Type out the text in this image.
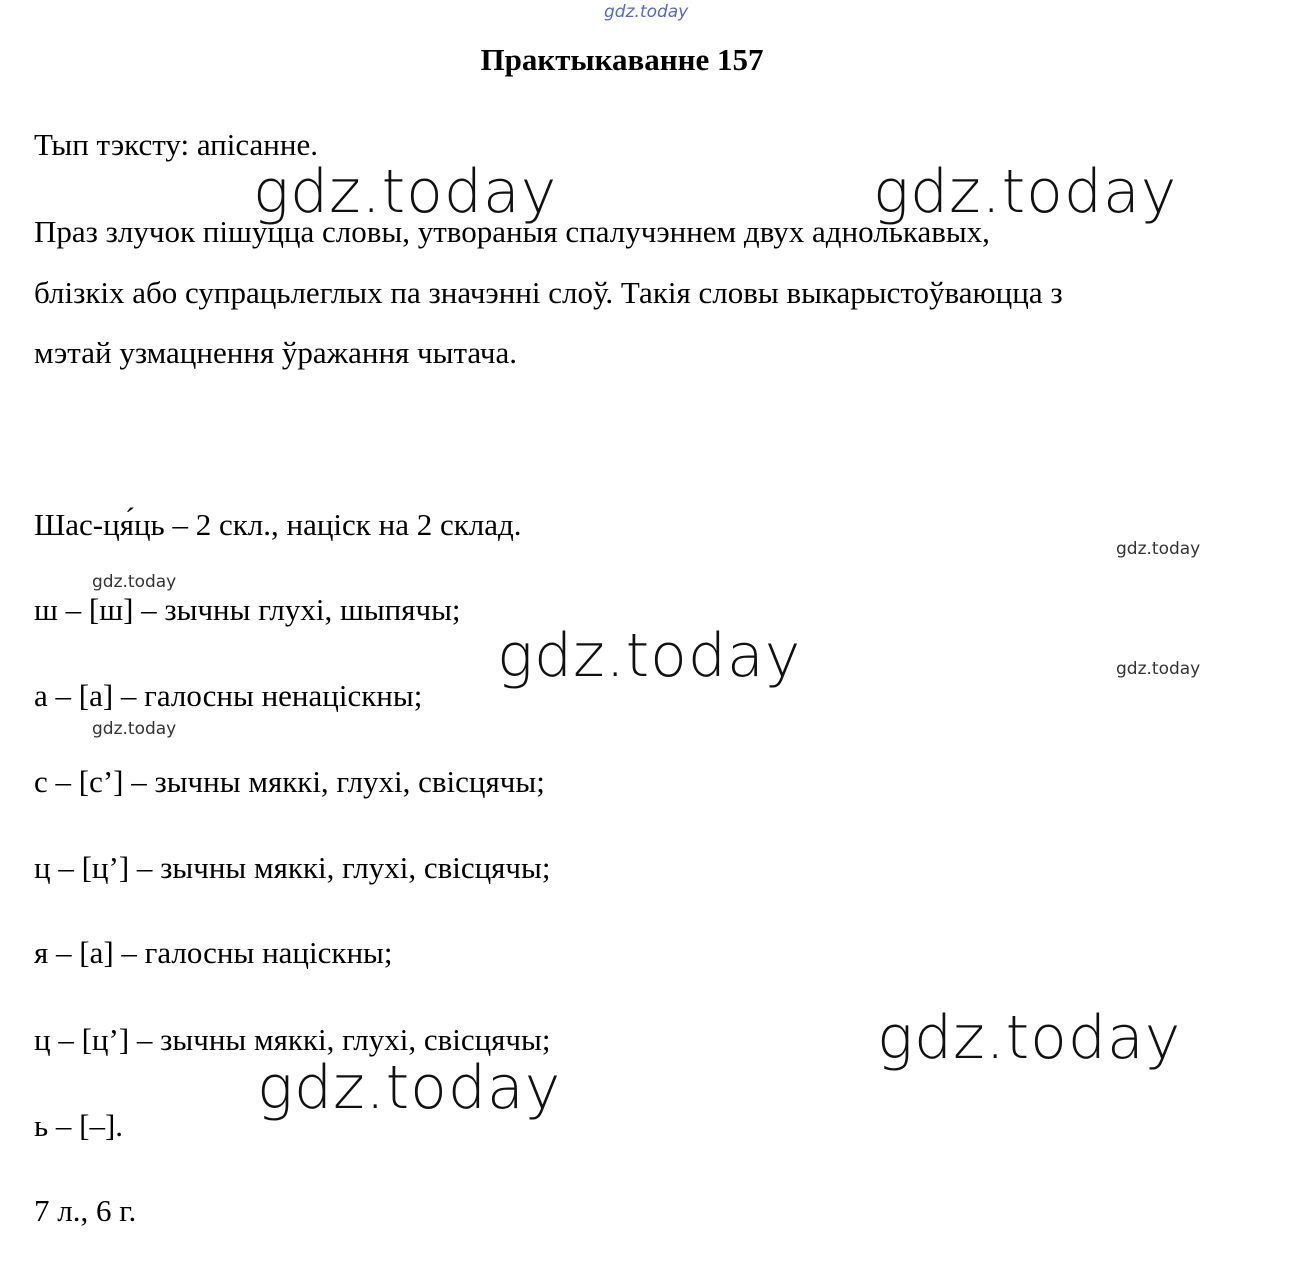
gdz.today
Практыкаванне 157
Тып тэксту: апісанне.
Праз злучок пішуцца словы, утвораныя спалучэннем двух аднолькавых,
блізкіх або супрацьлеглых па значэнні слоў. Такія словы выкарыстоўваюцца з
мэтай узмацнення ўражання чытача.
Шас-ця́ць – 2 скл., націск на 2 склад.
ш – [ш] – зычны глухі, шыпячы;
а – [а] – галосны ненаціскны;
с – [с’] – зычны мяккі, глухі, свісцячы;
ц – [ц’] – зычны мяккі, глухі, свісцячы;
я – [а] – галосны націскны;
ц – [ц’] – зычны мяккі, глухі, свісцячы;
ь – [–].
7 л., 6 г.
gdz.today	gdz.today
gdz.today
gdz.today
gdz.today
gdz.today
gdz.today
gdz.today
gdz.today
